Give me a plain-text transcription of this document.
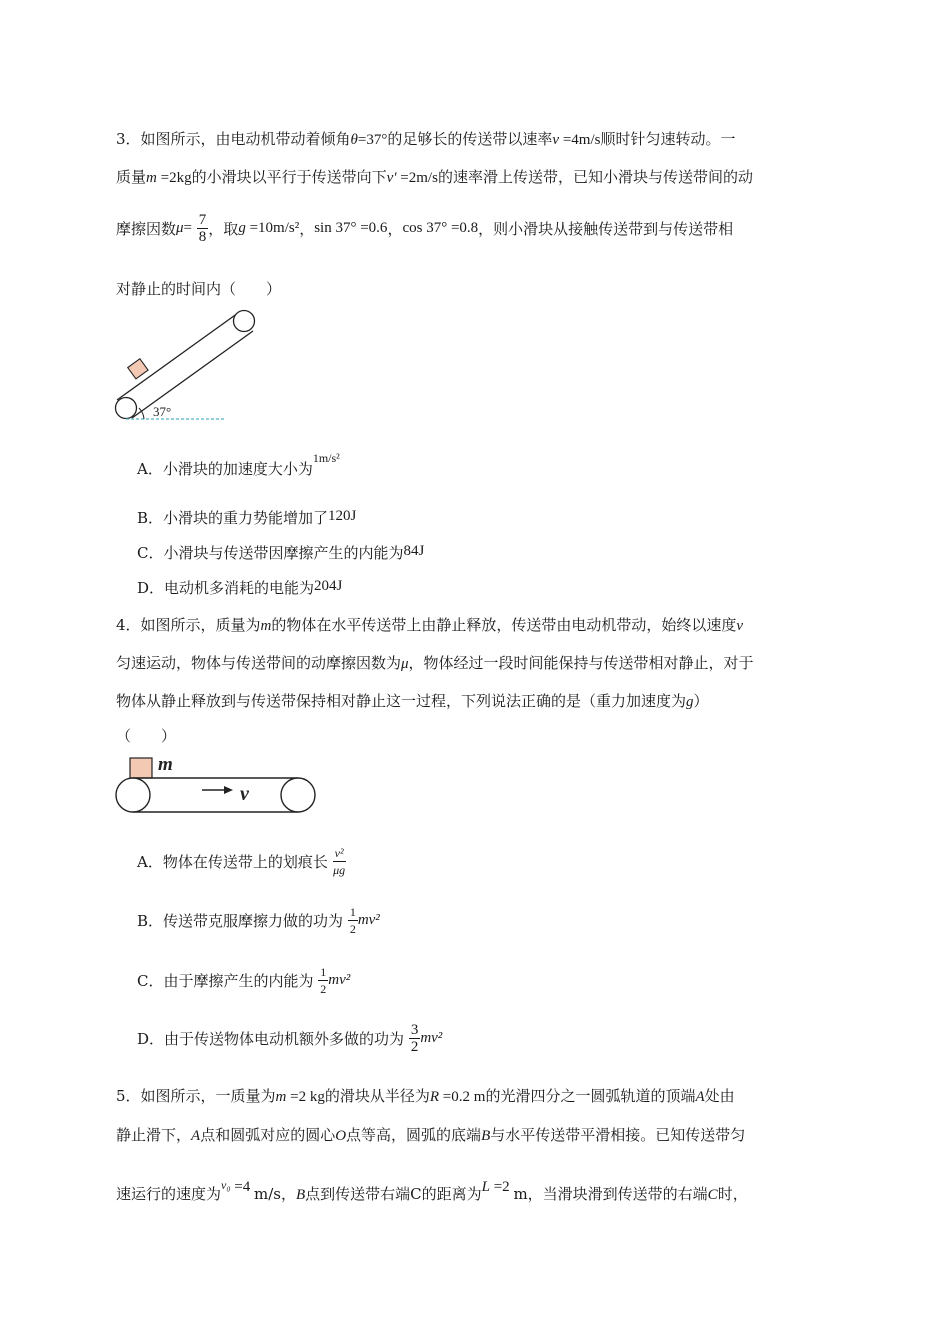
3．如图所示，由电动机带动着倾角θ=37°的足够长的传送带以速率v =4m/s顺时针匀速转动。一
质量m =2kg的小滑块以平行于传送带向下v′ =2m/s的速率滑上传送带，已知小滑块与传送带间的动
摩擦因数$\mu= \frac{7}{8}$ ，取g =10m/s²，sin 37° =0.6，cos 37° =0.8，则小滑块从接触传送带到与传送带相
对静止的时间内（　　）
37°
A．小滑块的加速度大小为$^{1m/s^2}$
B．小滑块的重力势能增加了120J
C．小滑块与传送带因摩擦产生的内能为84J
D．电动机多消耗的电能为204J
4．如图所示，质量为m的物体在水平传送带上由静止释放，传送带由电动机带动，始终以速度v
匀速运动，物体与传送带间的动摩擦因数为μ，物体经过一段时间能保持与传送带相对静止，对于
物体从静止释放到与传送带保持相对静止这一过程，下列说法正确的是（重力加速度为g）
（　　）
m
v
A．物体在传送带上的划痕长 $\frac{\text{v²}}{\mu g}$
B．传送带克服摩擦力做的功为 $\frac{1}{2} mv^2$
C．由于摩擦产生的内能为 $\frac{1}{2} mv^2$
D．由于传送物体电动机额外多做的功为 $\frac{3}{2} mv^2$
5．如图所示，一质量为m =2 kg的滑块从半径为R =0.2 m的光滑四分之一圆弧轨道的顶端A处由
静止滑下，A点和圆弧对应的圆心O点等高，圆弧的底端B与水平传送带平滑相接。已知传送带匀
速运行的速度为$^{v_0}$ =4 m/s，B点到传送带右端C的距离为L =2 m，当滑块滑到传送带的右端C时，
